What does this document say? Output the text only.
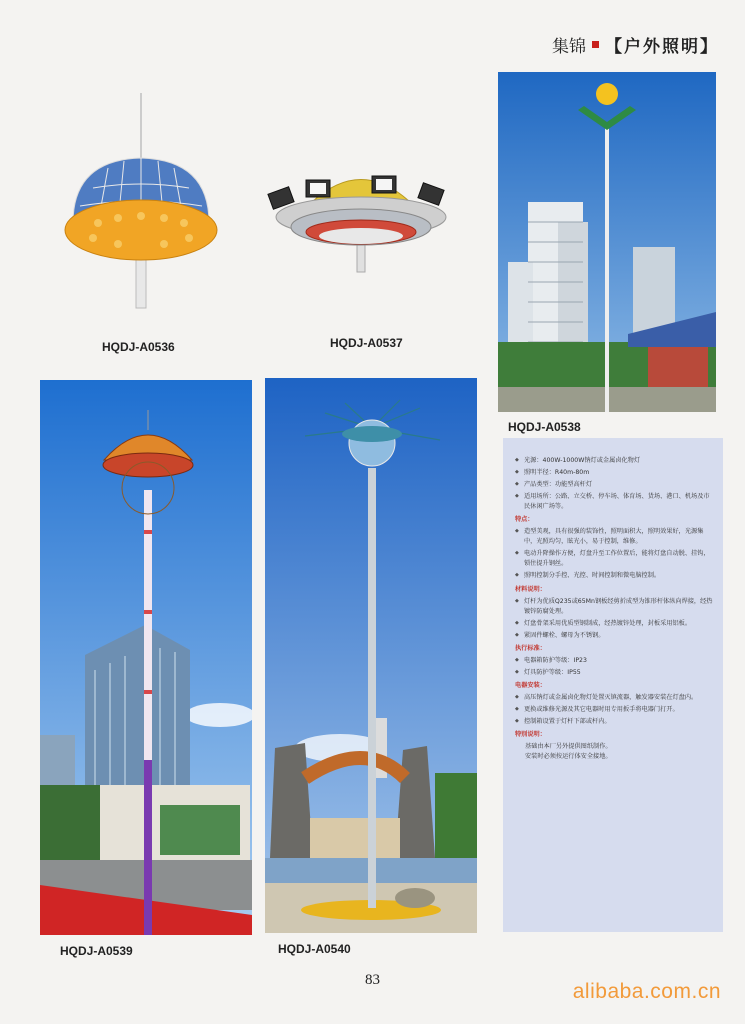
集锦 【户外照明】
HQDJ-A0536	HQDJ-A0537
HQDJ-A0538
HQDJ-A0539	HQDJ-A0540
◆ 光源：400W-1000W钠灯或金属卤化物灯
◆ 照明半径：R40m-80m
◆ 产品类型：功能型高杆灯
◆ 适用场所：公路、立交桥、停车场、体育场、货场、港口、机场及市民休闲广场等。
特点：
◆ 造型美观，具有很强的装饰性，照明面积大，照明效果好，光源集中，光照均匀，眩光小，易于控制，维修。
◆ 电动升降操作方便，灯盘升至工作位置后，能将灯盘自动脱、挂钩，锁住提升钢丝。
◆ 照明控制分手控、光控、时间控制和微电脑控制。
材料说明：
◆ 灯杆为优质Q235或65Mn钢板经剪折成型为锥形杆体纵向焊接，经热镀锌防腐处理。
◆ 灯盘骨架采用优质型钢制成，经热镀锌处理，封板采用铝板。
◆ 紧固件螺栓、螺母为不锈钢。
执行标准：
◆ 电器箱防护等级：IP23
◆ 灯具防护等级：IP55
电器安装：
◆ 高压钠灯或金属卤化物灯处置灭镇流器，触发器安装在灯盘内。
◆ 更换或维修光源及其它电器时用专用扳手将电器门打开。
◆ 控制箱设置于灯杆下部或杆内。
特别说明：
基础由本厂另外提供图纸制作。
安装时必须按运行体安全接地。
83	alibaba.com.cn
